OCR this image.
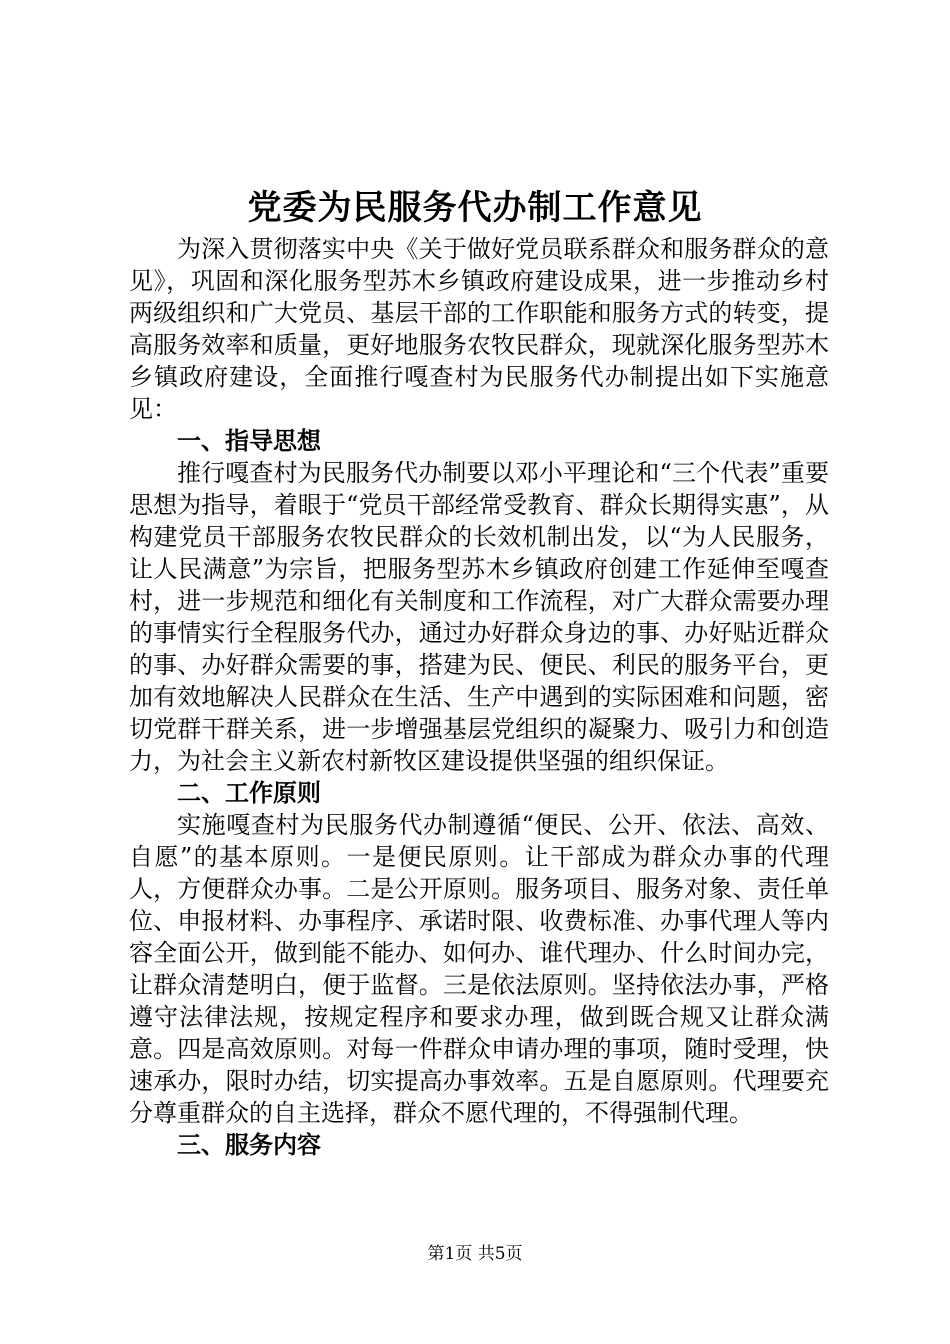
党委为民服务代办制工作意见

为深入贯彻落实中央《关于做好党员联系群众和服务群众的意见》，巩固和深化服务型苏木乡镇政府建设成果，进一步推动乡村两级组织和广大党员、基层干部的工作职能和服务方式的转变，提高服务效率和质量，更好地服务农牧民群众，现就深化服务型苏木乡镇政府建设，全面推行嘎查村为民服务代办制提出如下实施意见：

一、指导思想

推行嘎查村为民服务代办制要以邓小平理论和“三个代表”重要思想为指导，着眼于“党员干部经常受教育、群众长期得实惠”，从构建党员干部服务农牧民群众的长效机制出发，以“为人民服务，让人民满意”为宗旨，把服务型苏木乡镇政府创建工作延伸至嘎查村，进一步规范和细化有关制度和工作流程，对广大群众需要办理的事情实行全程服务代办，通过办好群众身边的事、办好贴近群众的事、办好群众需要的事，搭建为民、便民、利民的服务平台，更加有效地解决人民群众在生活、生产中遇到的实际困难和问题，密切党群干群关系，进一步增强基层党组织的凝聚力、吸引力和创造力，为社会主义新农村新牧区建设提供坚强的组织保证。

二、工作原则

实施嘎查村为民服务代办制遵循“便民、公开、依法、高效、自愿”的基本原则。一是便民原则。让干部成为群众办事的代理人，方便群众办事。二是公开原则。服务项目、服务对象、责任单位、申报材料、办事程序、承诺时限、收费标准、办事代理人等内容全面公开，做到能不能办、如何办、谁代理办、什么时间办完，让群众清楚明白，便于监督。三是依法原则。坚持依法办事，严格遵守法律法规，按规定程序和要求办理，做到既合规又让群众满意。四是高效原则。对每一件群众申请办理的事项，随时受理，快速承办，限时办结，切实提高办事效率。五是自愿原则。代理要充分尊重群众的自主选择，群众不愿代理的，不得强制代理。

三、服务内容

第1页 共5页
